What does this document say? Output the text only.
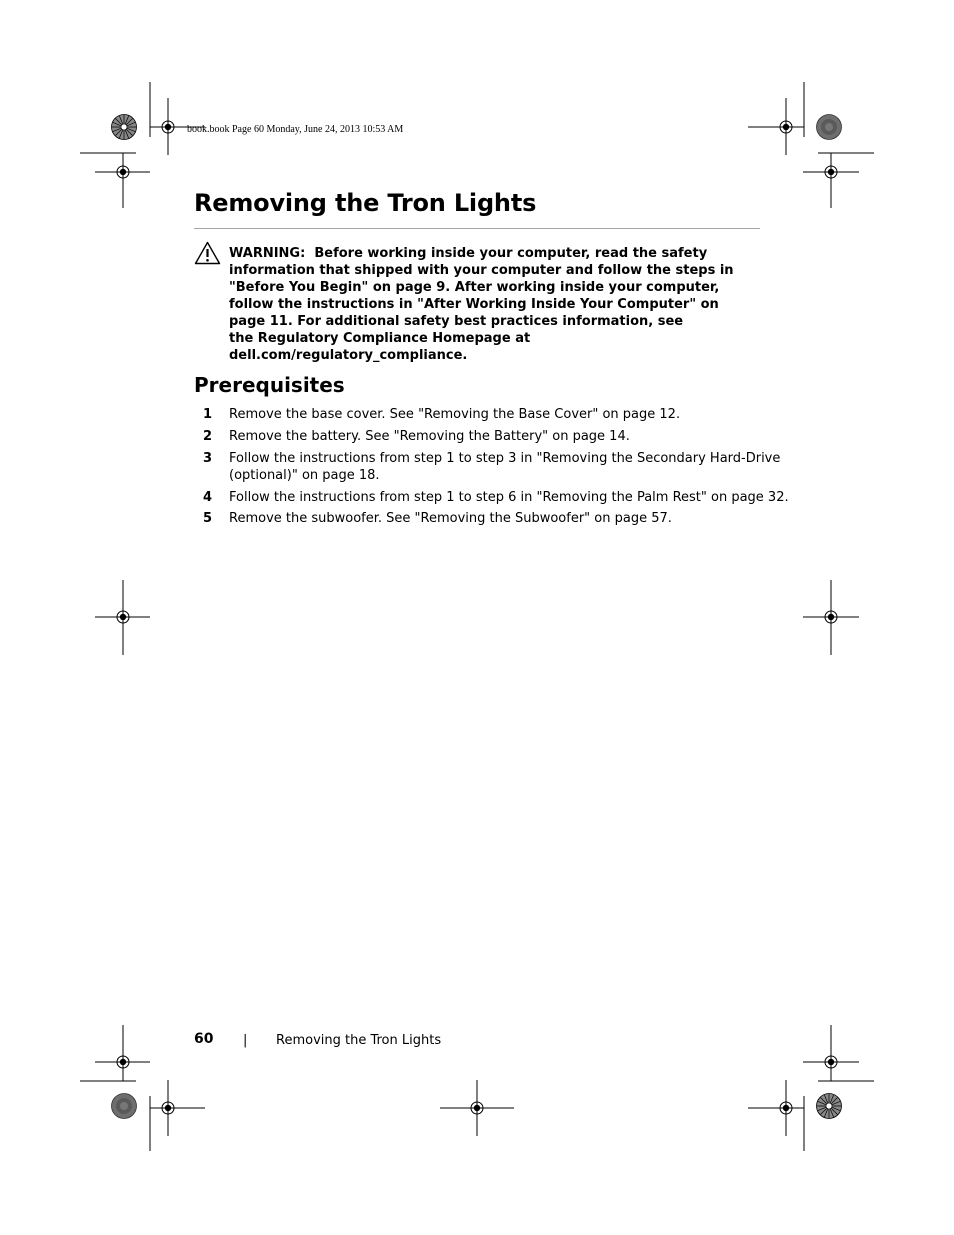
book.book Page 60 Monday, June 24, 2013 10:53 AM
Removing the Tron Lights

WARNING: Before working inside your computer, read the safety

information that shipped with your computer and follow the steps in

"Before You Begin" on page 9. After working inside your computer,

follow the instructions in "After Working Inside Your Computer" on

page 11. For additional safety best practices information, see

the Regulatory Compliance Homepage at

dell.com/regulatory_compliance.

Prerequisites
1 Remove the base cover. See "Removing the Base Cover" on page 12.
2 Remove the battery. See "Removing the Battery" on page 14.
3 Follow the instructions from step 1 to step 3 in "Removing the Secondary Hard-Drive
(optional)" on page 18.
4 Follow the instructions from step 1 to step 6 in "Removing the Palm Rest" on page 32.
5 Remove the subwoofer. See "Removing the Subwoofer" on page 57.
60 | Removing the Tron Lights
